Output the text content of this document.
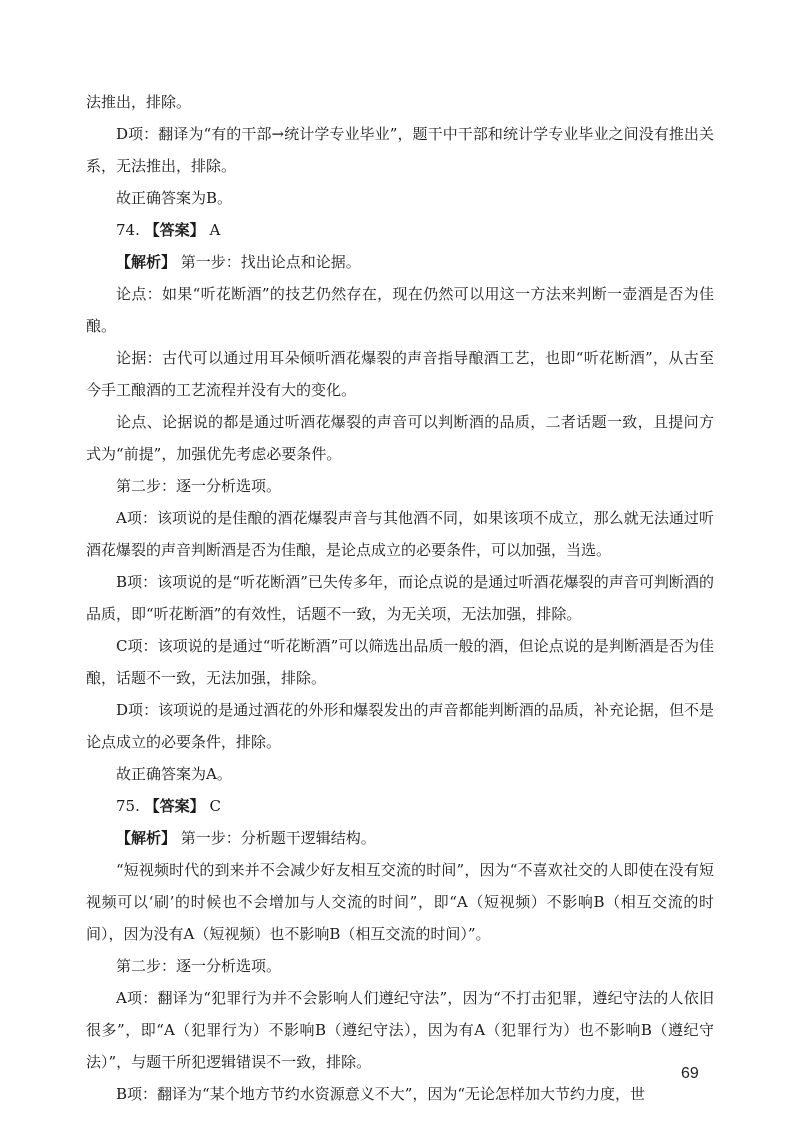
法推出，排除。

D项：翻译为“有的干部→统计学专业毕业”，题干中干部和统计学专业毕业之间没有推出关系，无法推出，排除。

故正确答案为B。

74. 【答案】 A

【解析】 第一步：找出论点和论据。

论点：如果“听花断酒”的技艺仍然存在，现在仍然可以用这一方法来判断一壶酒是否为佳酿。

论据：古代可以通过用耳朵倾听酒花爆裂的声音指导酿酒工艺，也即“听花断酒”，从古至今手工酿酒的工艺流程并没有大的变化。

论点、论据说的都是通过听酒花爆裂的声音可以判断酒的品质，二者话题一致，且提问方式为“前提”，加强优先考虑必要条件。

第二步：逐一分析选项。

A项：该项说的是佳酿的酒花爆裂声音与其他酒不同，如果该项不成立，那么就无法通过听酒花爆裂的声音判断酒是否为佳酿，是论点成立的必要条件，可以加强，当选。

B项：该项说的是“听花断酒”已失传多年，而论点说的是通过听酒花爆裂的声音可判断酒的品质，即“听花断酒”的有效性，话题不一致，为无关项，无法加强，排除。

C项：该项说的是通过“听花断酒”可以筛选出品质一般的酒，但论点说的是判断酒是否为佳酿，话题不一致，无法加强，排除。

D项：该项说的是通过酒花的外形和爆裂发出的声音都能判断酒的品质，补充论据，但不是论点成立的必要条件，排除。

故正确答案为A。

75. 【答案】 C

【解析】 第一步：分析题干逻辑结构。

“短视频时代的到来并不会减少好友相互交流的时间”，因为“不喜欢社交的人即使在没有短视频可以‘刷’的时候也不会增加与人交流的时间”，即“A（短视频）不影响B（相互交流的时间），因为没有A（短视频）也不影响B（相互交流的时间）”。

第二步：逐一分析选项。

A项：翻译为“犯罪行为并不会影响人们遵纪守法”，因为“不打击犯罪，遵纪守法的人依旧很多”，即“A（犯罪行为）不影响B（遵纪守法），因为有A（犯罪行为）也不影响B（遵纪守法）”，与题干所犯逻辑错误不一致，排除。

B项：翻译为“某个地方节约水资源意义不大”，因为“无论怎样加大节约力度，世

69
